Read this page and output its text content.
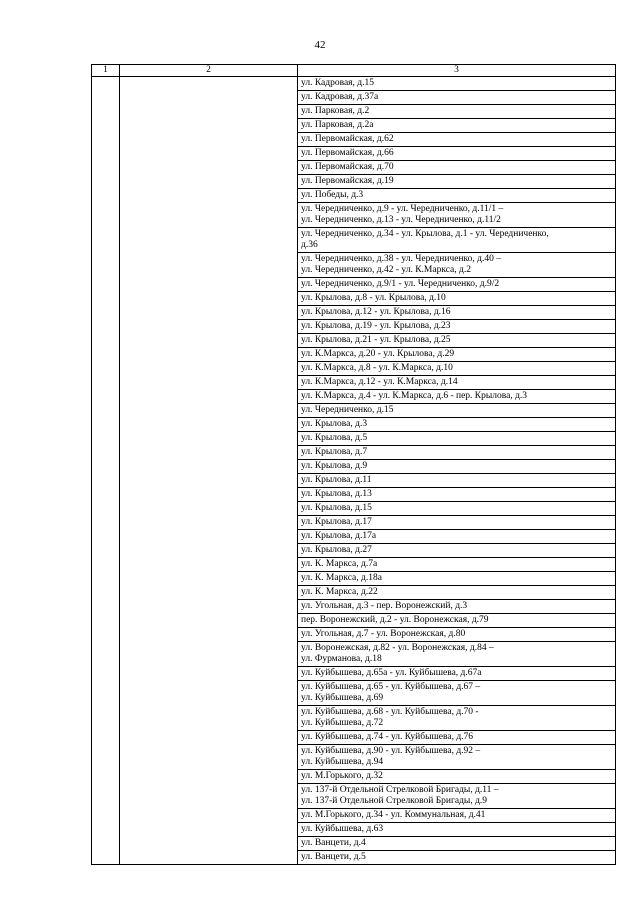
42
1	2	3

		ул. Кадровая, д.15

		ул. Кадровая, д.37а

		ул. Парковая, д.2

		ул. Парковая, д.2а

		ул. Первомайская, д.62

		ул. Первомайская, д.66

		ул. Первомайская, д.70

		ул. Первомайская, д.19

		ул. Победы, д.3

		ул. Чередниченко, д.9 - ул. Чередниченко, д.11/1 –
ул. Чередниченко, д.13 - ул. Чередниченко, д.11/2

		ул. Чередниченко, д.34 - ул. Крылова, д.1 - ул. Чередниченко,
д.36

		ул. Чередниченко, д.38 - ул. Чередниченко, д.40 –
ул. Чередниченко, д.42 - ул. К.Маркса, д.2

		ул. Чередниченко, д.9/1 - ул. Чередниченко, д.9/2

		ул. Крылова, д.8 - ул. Крылова, д.10

		ул. Крылова, д.12 - ул. Крылова, д.16

		ул. Крылова, д.19 - ул. Крылова, д.23

		ул. Крылова, д.21 - ул. Крылова, д.25

		ул. К.Маркса, д.20 - ул. Крылова, д.29

		ул. К.Маркса, д.8 - ул. К.Маркса, д.10

		ул. К.Маркса, д.12 - ул. К.Маркса, д.14

		ул. К.Маркса, д.4 - ул. К.Маркса, д.6 - пер. Крылова, д.3

		ул. Чередниченко, д.15

		ул. Крылова, д.3

		ул. Крылова, д.5

		ул. Крылова, д.7

		ул. Крылова, д.9

		ул. Крылова, д.11

		ул. Крылова, д.13

		ул. Крылова, д.15

		ул. Крылова, д.17

		ул. Крылова, д.17а

		ул. Крылова, д.27

		ул. К. Маркса, д.7а

		ул. К. Маркса, д.18а

		ул. К. Маркса, д.22

		ул. Угольная, д.3 - пер. Воронежский, д.3

		пер. Воронежский, д.2 - ул. Воронежская, д.79

		ул. Угольная, д.7 - ул. Воронежская, д.80

		ул. Воронежская, д.82 - ул. Воронежская, д.84 –
ул. Фурманова, д.18

		ул. Куйбышева, д.65а - ул. Куйбышева, д.67а

		ул. Куйбышева, д.65 - ул. Куйбышева, д.67 –
ул. Куйбышева, д.69

		ул. Куйбышева, д.68 - ул. Куйбышева, д.70 -
ул. Куйбышева, д.72

		ул. Куйбышева, д.74 - ул. Куйбышева, д.76

		ул. Куйбышева, д.90 - ул. Куйбышева, д.92 –
ул. Куйбышева, д.94

		ул. М.Горького, д.32

		ул. 137-й Отдельной Стрелковой Бригады, д.11 –
ул. 137-й Отдельной Стрелковой Бригады, д.9

		ул. М.Горького, д.34 - ул. Коммунальная, д.41

		ул. Куйбышева, д.63

		ул. Ванцети, д.4

		ул. Ванцети, д.5
